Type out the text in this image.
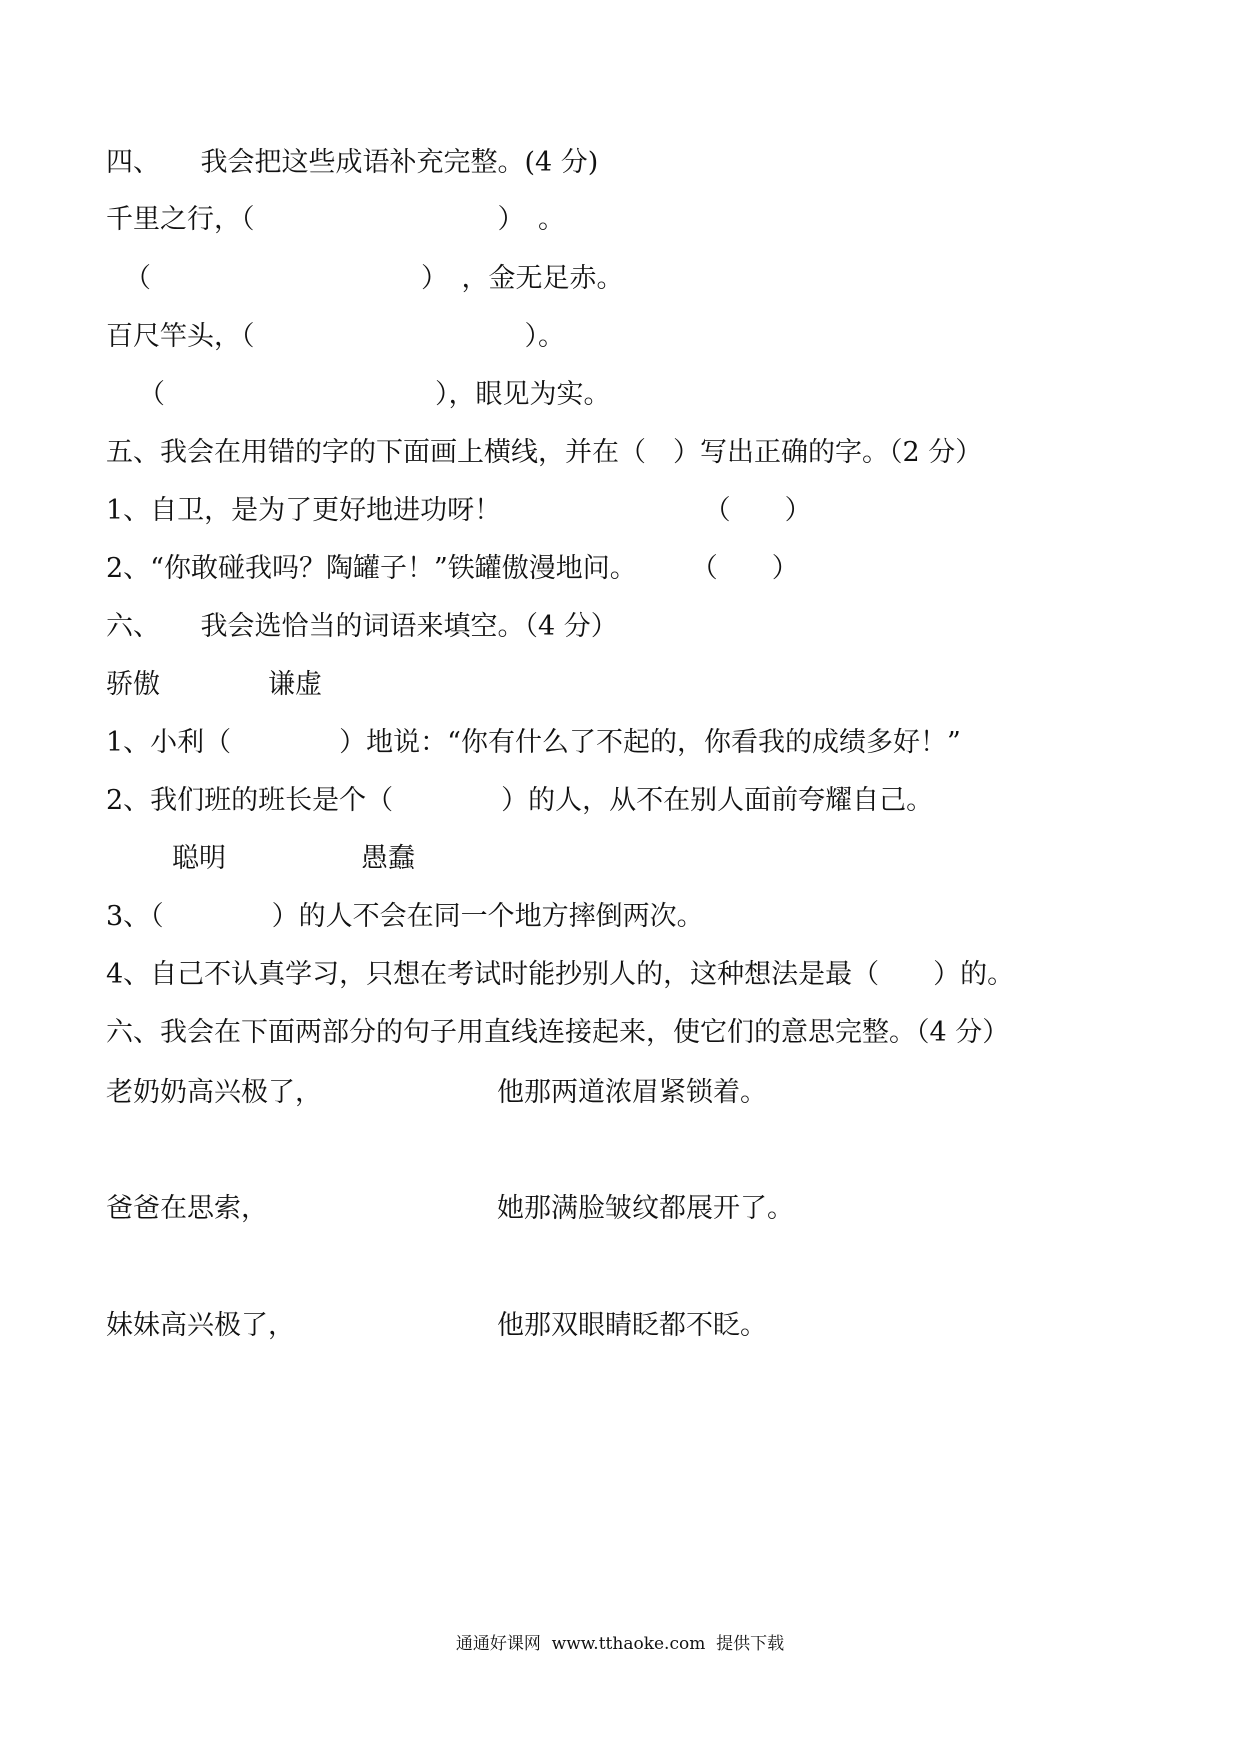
四、　　我会把这些成语补充完整。(4 分)

千里之行，（　　　　　　　　　）　。

（　　　　　　　　　　）　，金无足赤。

百尺竿头，（　　　　　　　　　　）。

（　　　　　　　　　　），眼见为实。

五、我会在用错的字的下面画上横线，并在（　）写出正确的字。（2 分）

1、自卫，是为了更好地进功呀！　　　　　　　　（　　）

2、“你敢碰我吗？陶罐子！”铁罐傲漫地问。　　　（　　）

六、　　我会选恰当的词语来填空。（4 分）

骄傲　　　　谦虚

1、小利（　　　　）地说：“你有什么了不起的，你看我的成绩多好！”

2、我们班的班长是个（　　　　）的人，从不在别人面前夸耀自己。

聪明　　　　　愚蠢

3、（　　　　）的人不会在同一个地方摔倒两次。

4、自己不认真学习，只想在考试时能抄别人的，这种想法是最（　　）的。

六、我会在下面两部分的句子用直线连接起来，使它们的意思完整。（4 分）

老奶奶高兴极了，	他那两道浓眉紧锁着。

爸爸在思索，	她那满脸皱纹都展开了。

妹妹高兴极了，	他那双眼睛眨都不眨。

通通好课网  www.tthaoke.com  提供下载
